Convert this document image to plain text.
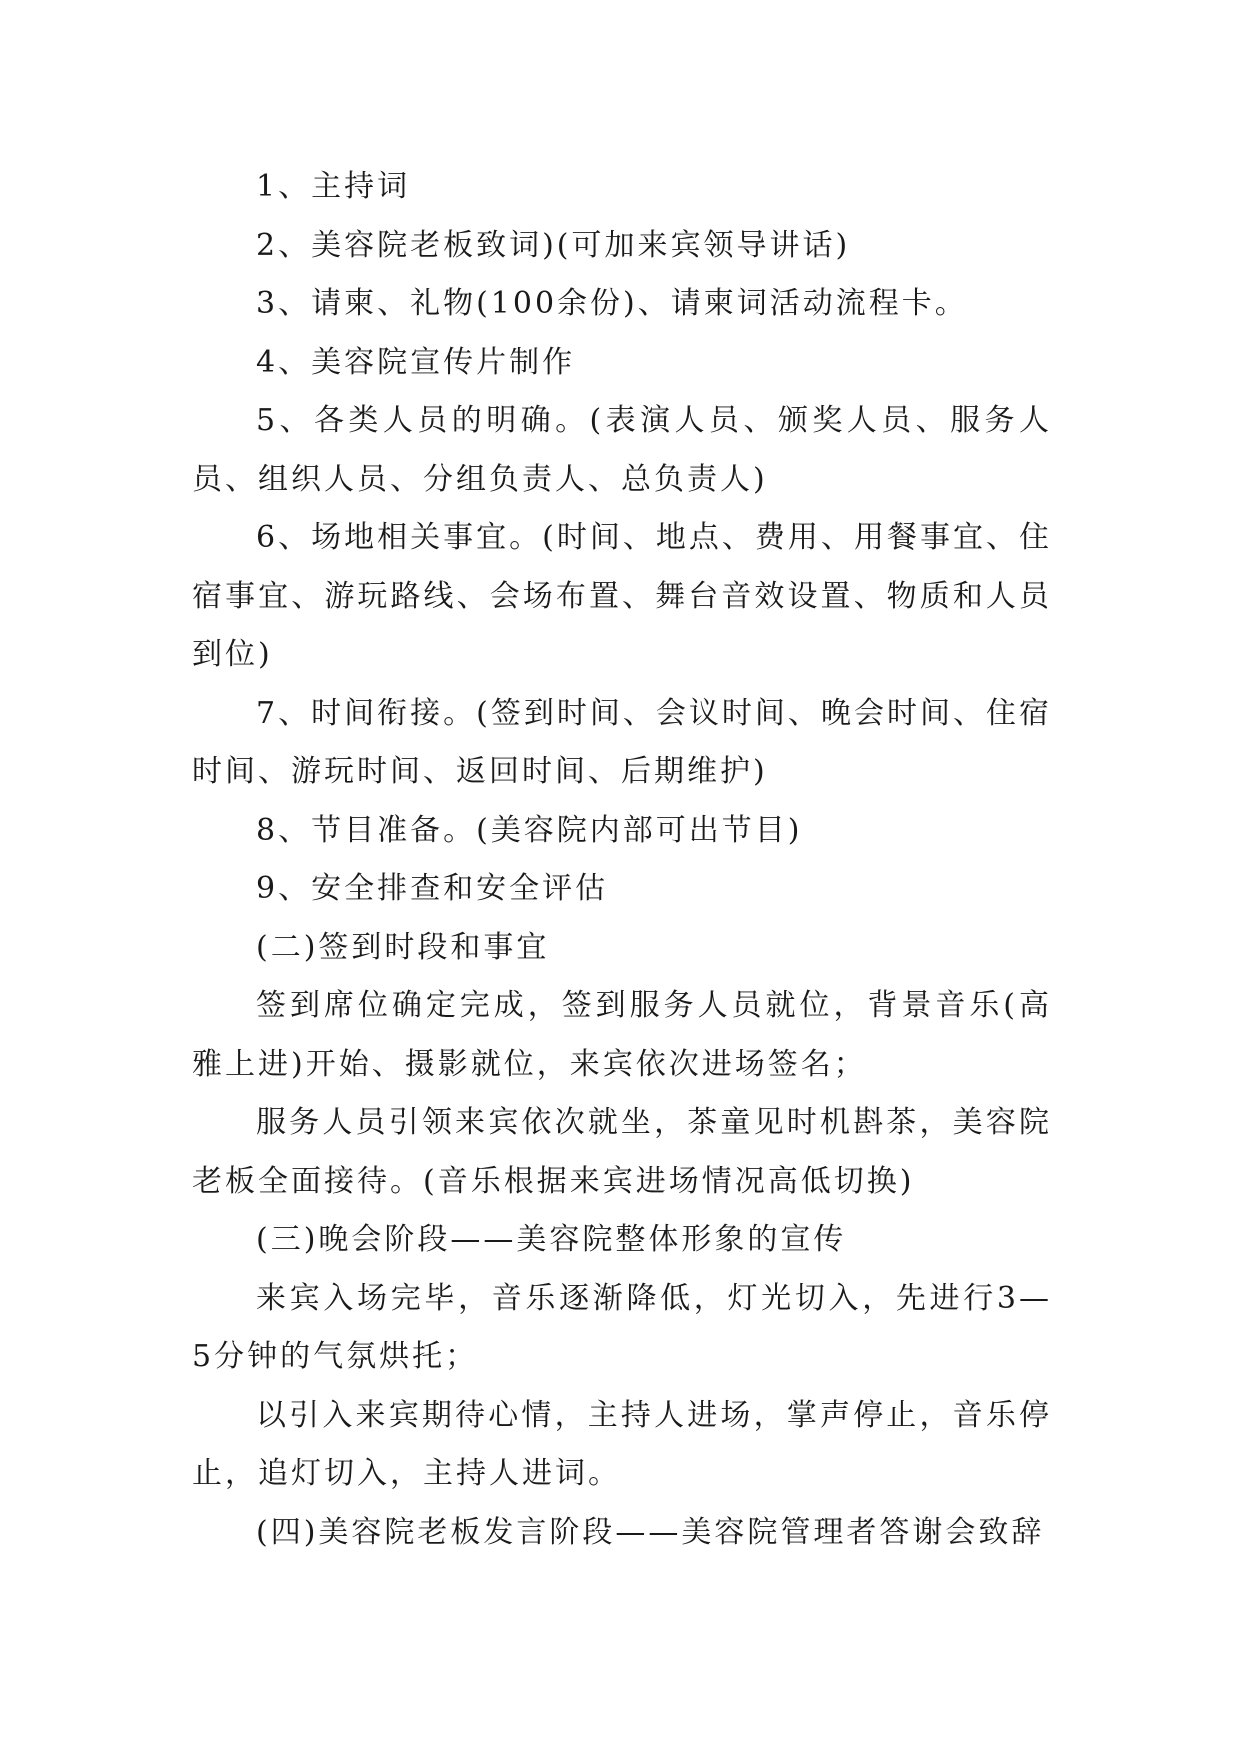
1、主持词

2、美容院老板致词)(可加来宾领导讲话)

3、请柬、礼物(100余份)、请柬词活动流程卡。

4、美容院宣传片制作

5、各类人员的明确。(表演人员、颁奖人员、服务人员、组织人员、分组负责人、总负责人)

6、场地相关事宜。(时间、地点、费用、用餐事宜、住宿事宜、游玩路线、会场布置、舞台音效设置、物质和人员到位)

7、时间衔接。(签到时间、会议时间、晚会时间、住宿时间、游玩时间、返回时间、后期维护)

8、节目准备。(美容院内部可出节目)

9、安全排查和安全评估

(二)签到时段和事宜

签到席位确定完成，签到服务人员就位，背景音乐(高雅上进)开始、摄影就位，来宾依次进场签名；

服务人员引领来宾依次就坐，茶童见时机斟茶，美容院老板全面接待。(音乐根据来宾进场情况高低切换)

(三)晚会阶段——美容院整体形象的宣传

来宾入场完毕，音乐逐渐降低，灯光切入，先进行3—5分钟的气氛烘托；

以引入来宾期待心情，主持人进场，掌声停止，音乐停止，追灯切入，主持人进词。

(四)美容院老板发言阶段——美容院管理者答谢会致辞
